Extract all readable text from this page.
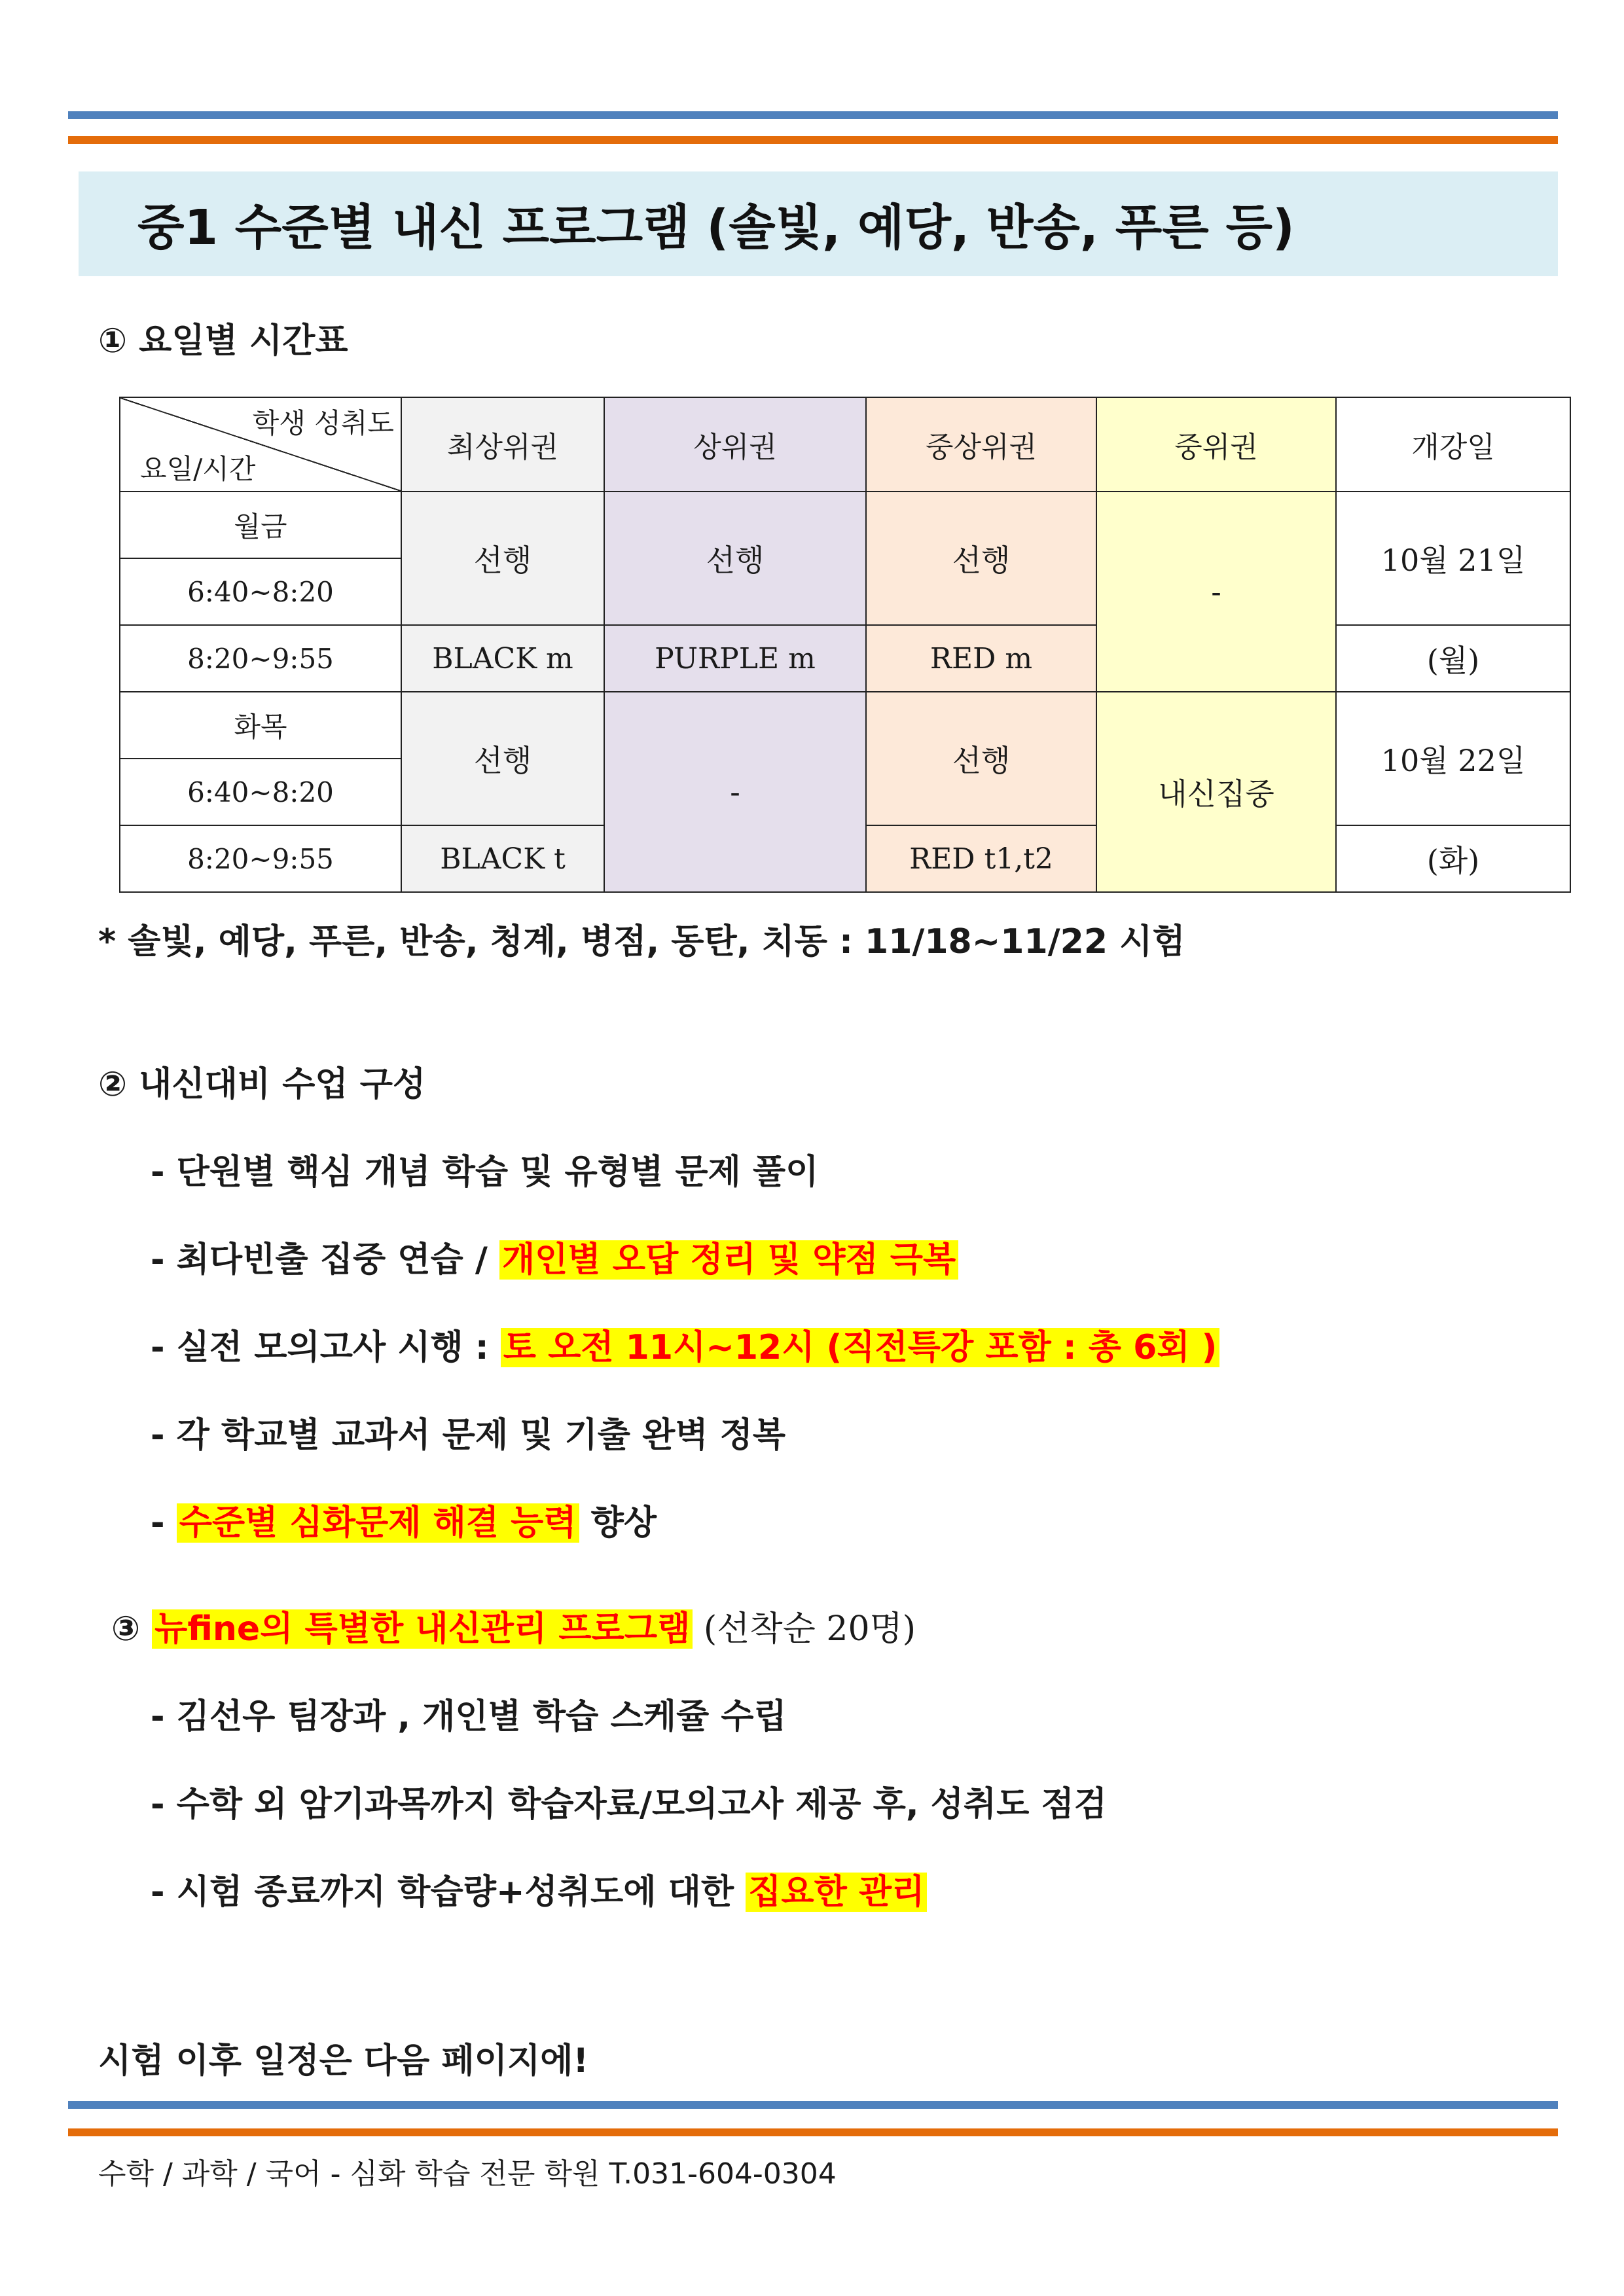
중1 수준별 내신 프로그램 (솔빛, 예당, 반송, 푸른 등)
① 요일별 시간표
학생 성취도
요일/시간	최상위권	상위권	중상위권	중위권	개강일
월금	선행	선행	선행	-	10월 21일
6:40~8:20					
8:20~9:55	BLACK m	PURPLE m	RED m		(월)
화목	선행	-	선행	내신집중	10월 22일
6:40~8:20					
8:20~9:55	BLACK t		RED t1,t2		(화)
* 솔빛, 예당, 푸른, 반송, 청계, 병점, 동탄, 치동 : 11/18~11/22 시험
② 내신대비 수업 구성
- 단원별 핵심 개념 학습 및 유형별 문제 풀이
- 최다빈출 집중 연습 / 개인별 오답 정리 및 약점 극복
- 실전 모의고사 시행 : 토 오전 11시~12시 (직전특강 포함 : 총 6회 )
- 각 학교별 교과서 문제 및 기출 완벽 정복
- 수준별 심화문제 해결 능력 향상
③ 뉴fine의 특별한 내신관리 프로그램 (선착순 20명)
- 김선우 팀장과 , 개인별 학습 스케쥴 수립
- 수학 외 암기과목까지 학습자료/모의고사 제공 후, 성취도 점검
- 시험 종료까지 학습량+성취도에 대한 집요한 관리
시험 이후 일정은 다음 페이지에!
수학 / 과학 / 국어 - 심화 학습 전문 학원 T.031-604-0304
